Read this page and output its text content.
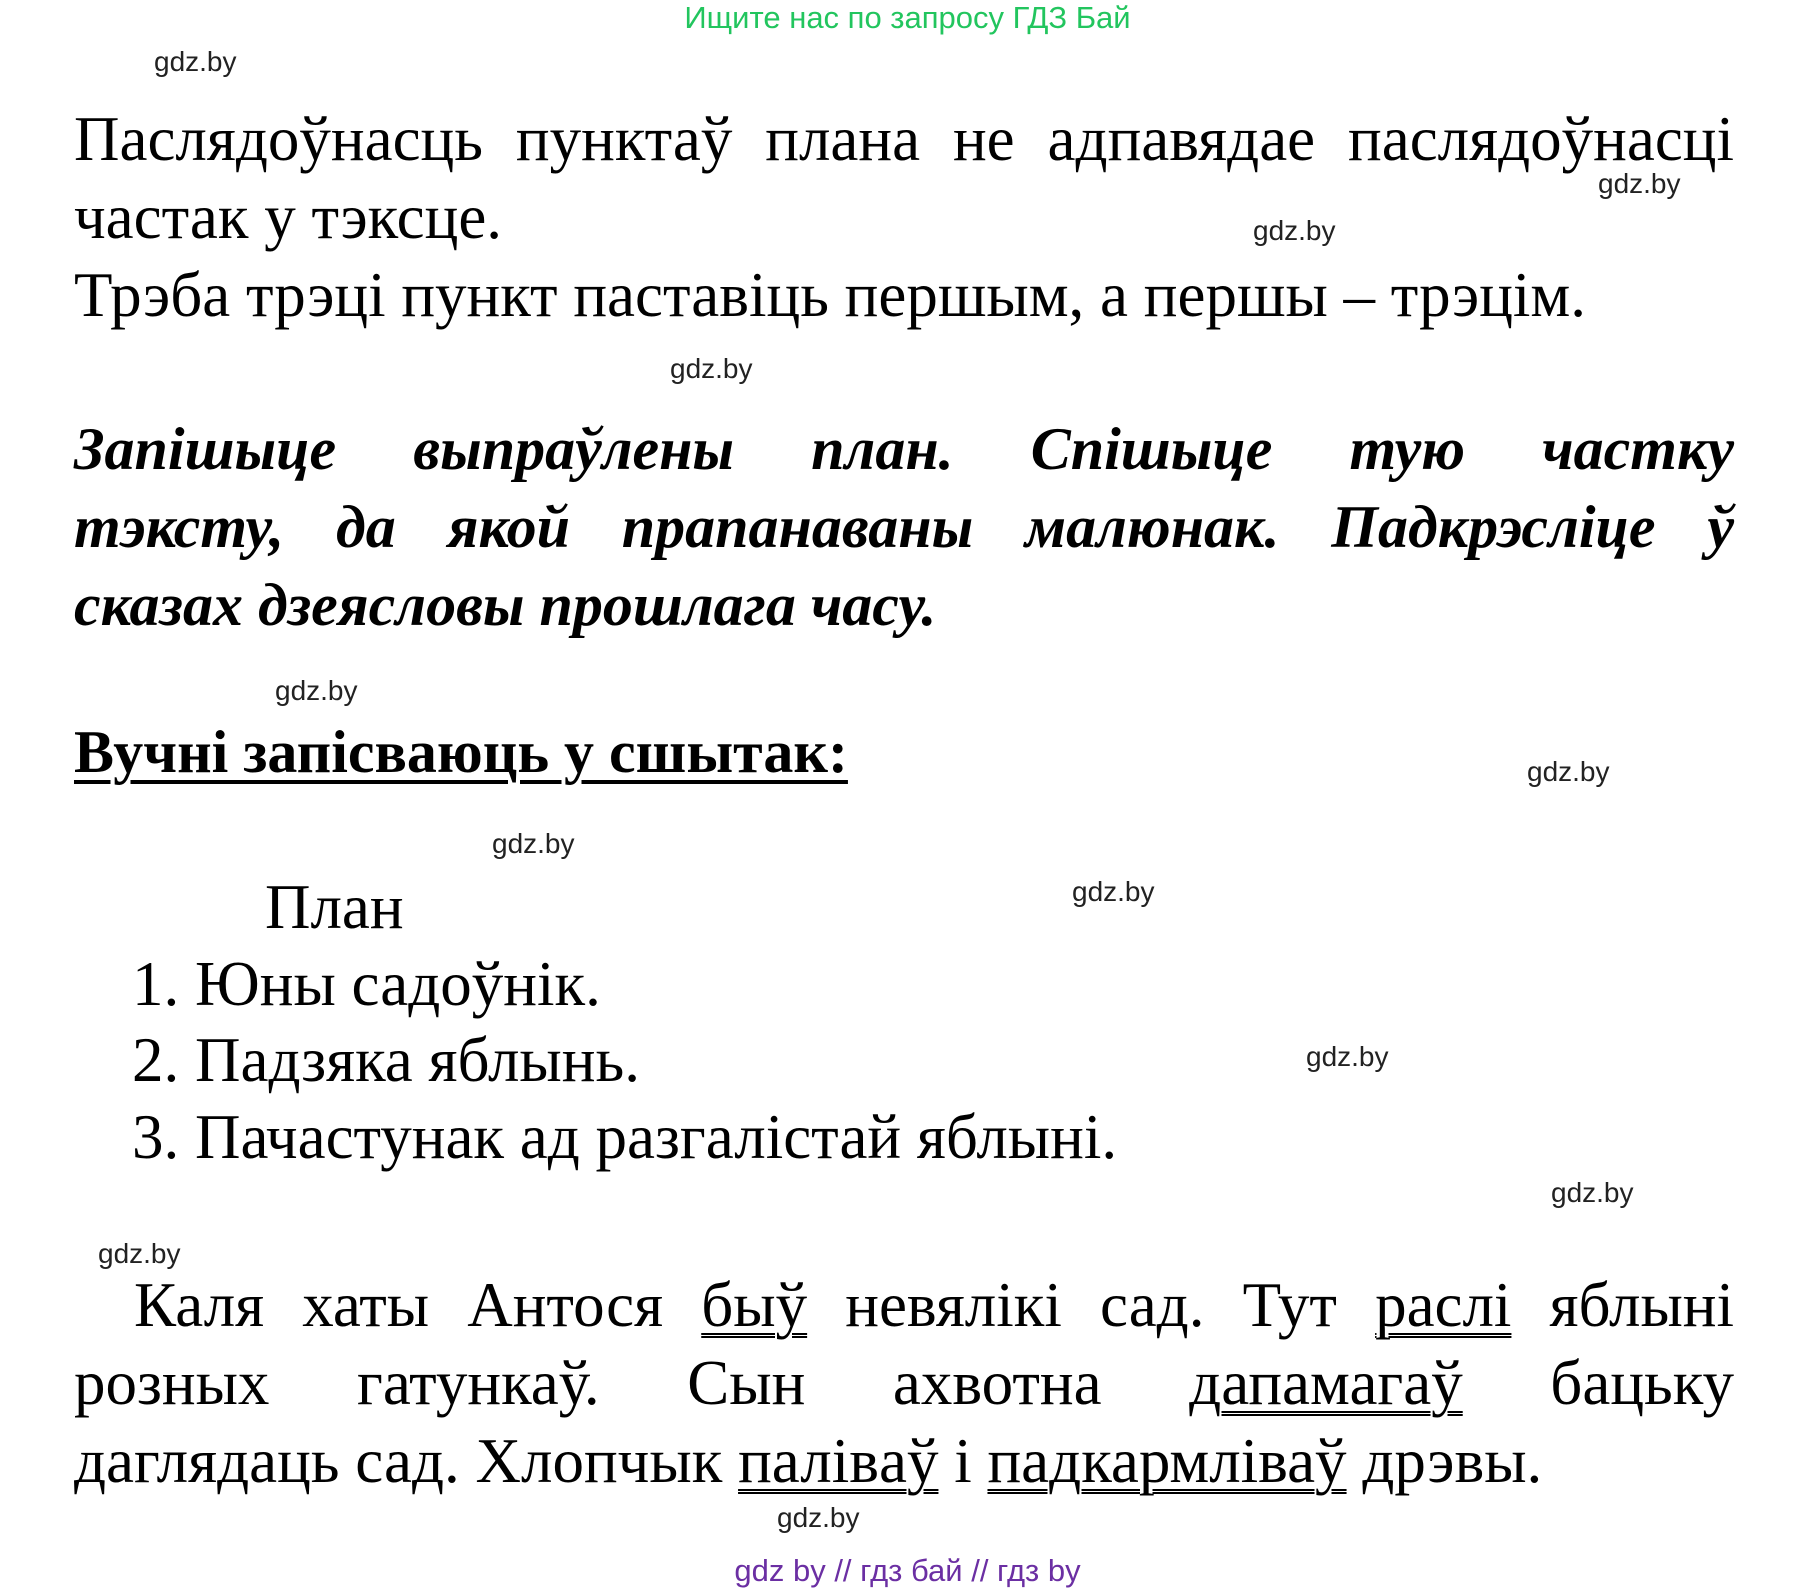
Ищите нас по запросу ГДЗ Бай
gdz.by
gdz.by
gdz.by
gdz.by
gdz.by
gdz.by
gdz.by
gdz.by
gdz.by
gdz.by
gdz.by
gdz.by
Паслядоўнасць пунктаў плана не адпавядае паслядоўнасці
частак у тэксце.
Трэба трэці пункт паставіць першым, а першы – трэцім.
Запішыце выпраўлены план. Спішыце тую частку
тэксту, да якой прапанаваны малюнак. Падкрэсліце ў
сказах дзеясловы прошлага часу.
Вучні запісваюць у сшытак:
План
1. Юны садоўнік.
2. Падзяка яблынь.
3. Пачастунак ад разгалістай яблыні.
Каля хаты Антося быў невялікі сад. Тут раслі яблыні
розных гатункаў. Сын ахвотна дапамагаў бацьку
даглядаць сад. Хлопчык палівaў і падкармліваў дрэвы.
gdz by // гдз бай // гдз by
